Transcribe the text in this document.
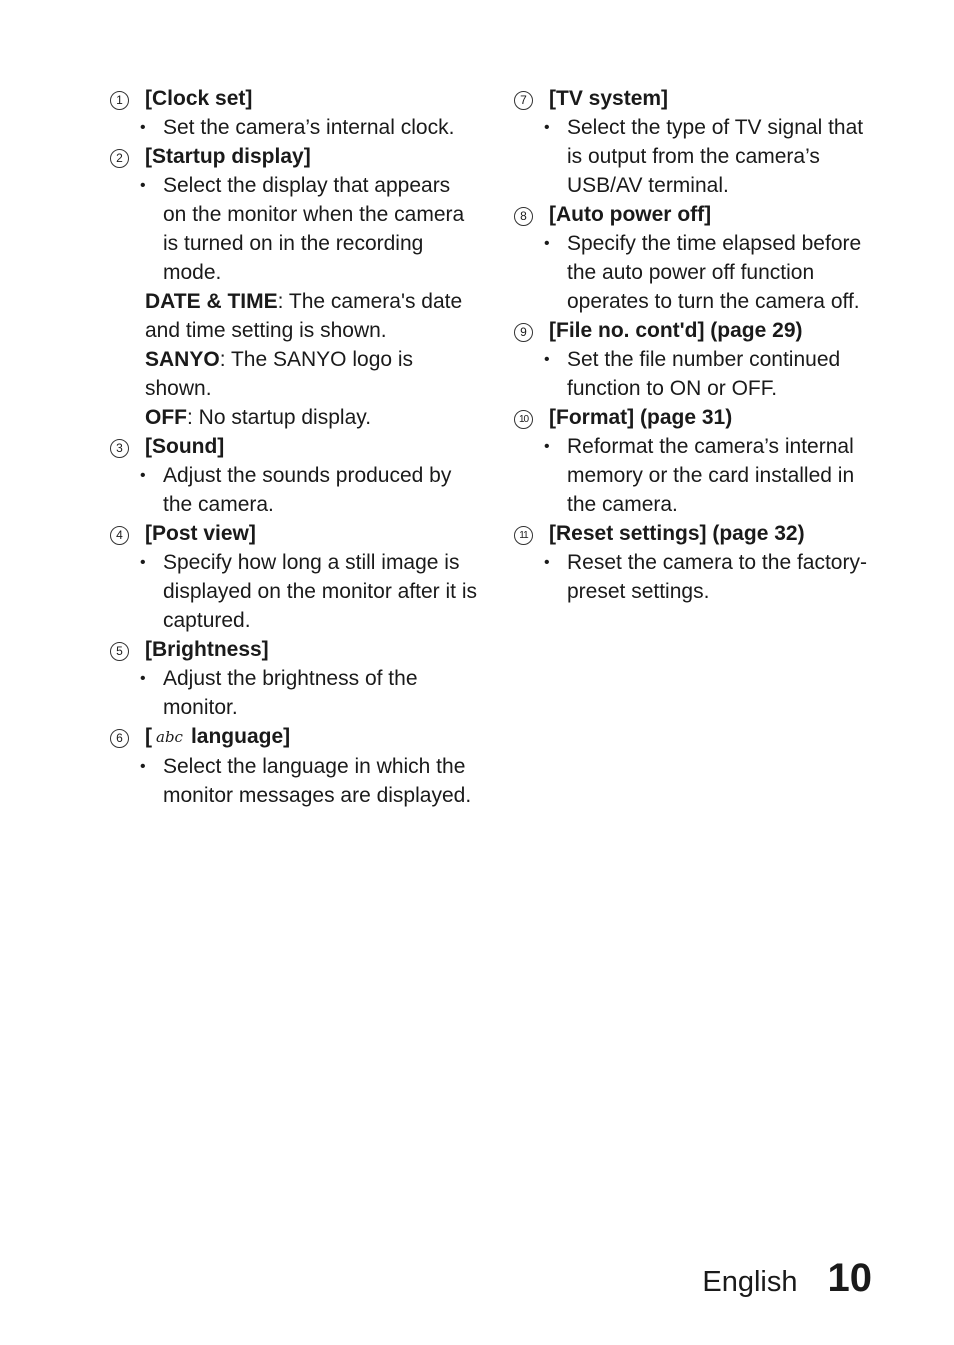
1 [Clock set]
• Set the camera’s internal clock.
2 [Startup display]
• Select the display that appears on the monitor when the camera is turned on in the recording mode.
DATE & TIME: The camera's date and time setting is shown.
SANYO: The SANYO logo is shown.
OFF: No startup display.
3 [Sound]
• Adjust the sounds produced by the camera.
4 [Post view]
• Specify how long a still image is displayed on the monitor after it is captured.
5 [Brightness]
• Adjust the brightness of the monitor.
6 [ abc language]
• Select the language in which the monitor messages are displayed.
7 [TV system]
• Select the type of TV signal that is output from the camera’s USB/AV terminal.
8 [Auto power off]
• Specify the time elapsed before the auto power off function operates to turn the camera off.
9 [File no. cont'd] (page 29)
• Set the file number continued function to ON or OFF.
10 [Format] (page 31)
• Reformat the camera’s internal memory or the card installed in the camera.
11 [Reset settings] (page 32)
• Reset the camera to the factory-preset settings.
English 10
